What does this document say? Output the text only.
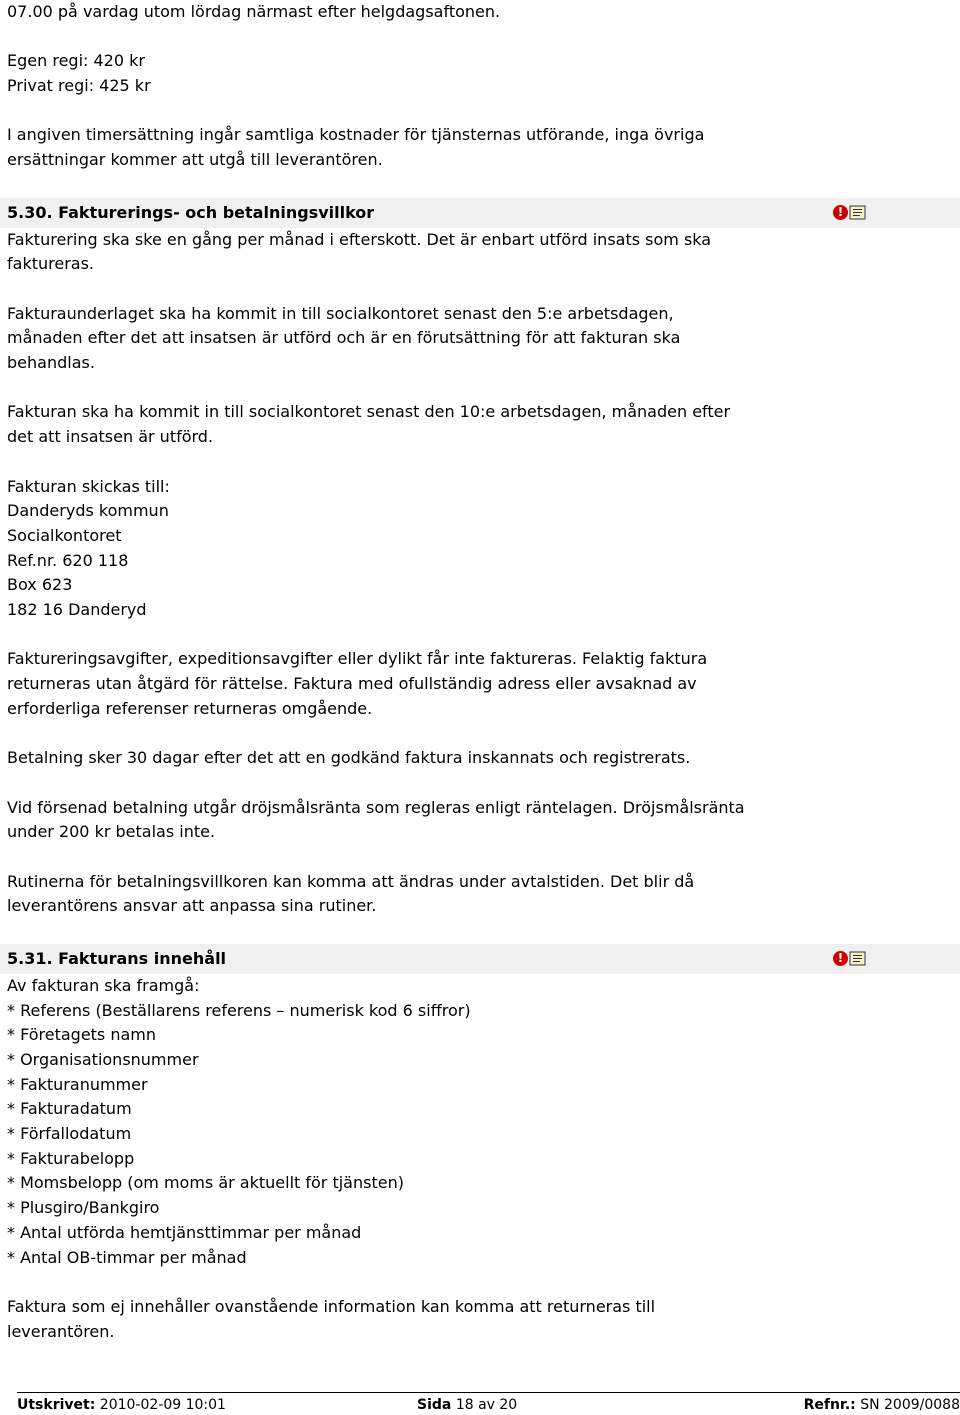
07.00 på vardag utom lördag närmast efter helgdagsaftonen.

Egen regi: 420 kr

Privat regi: 425 kr

I angiven timersättning ingår samtliga kostnader för tjänsternas utförande, inga övriga

ersättningar kommer att utgå till leverantören.

5.30. Fakturerings- och betalningsvillkor	!

Fakturering ska ske en gång per månad i efterskott. Det är enbart utförd insats som ska

faktureras.

Fakturaunderlaget ska ha kommit in till socialkontoret senast den 5:e arbetsdagen,

månaden efter det att insatsen är utförd och är en förutsättning för att fakturan ska

behandlas.

Fakturan ska ha kommit in till socialkontoret senast den 10:e arbetsdagen, månaden efter

det att insatsen är utförd.

Fakturan skickas till:

Danderyds kommun

Socialkontoret

Ref.nr. 620 118

Box 623

182 16 Danderyd

Faktureringsavgifter, expeditionsavgifter eller dylikt får inte faktureras. Felaktig faktura

returneras utan åtgärd för rättelse. Faktura med ofullständig adress eller avsaknad av

erforderliga referenser returneras omgående.

Betalning sker 30 dagar efter det att en godkänd faktura inskannats och registrerats.

Vid försenad betalning utgår dröjsmålsränta som regleras enligt räntelagen. Dröjsmålsränta

under 200 kr betalas inte.

Rutinerna för betalningsvillkoren kan komma att ändras under avtalstiden. Det blir då

leverantörens ansvar att anpassa sina rutiner.

5.31. Fakturans innehåll	!

Av fakturan ska framgå:

* Referens (Beställarens referens – numerisk kod 6 siffror)

* Företagets namn

* Organisationsnummer

* Fakturanummer

* Fakturadatum

* Förfallodatum

* Fakturabelopp

* Momsbelopp (om moms är aktuellt för tjänsten)

* Plusgiro/Bankgiro

* Antal utförda hemtjänsttimmar per månad

* Antal OB-timmar per månad

Faktura som ej innehåller ovanstående information kan komma att returneras till

leverantören.

Utskrivet: 2010-02-09 10:01	Sida 18 av 20	Refnr.: SN 2009/0088
